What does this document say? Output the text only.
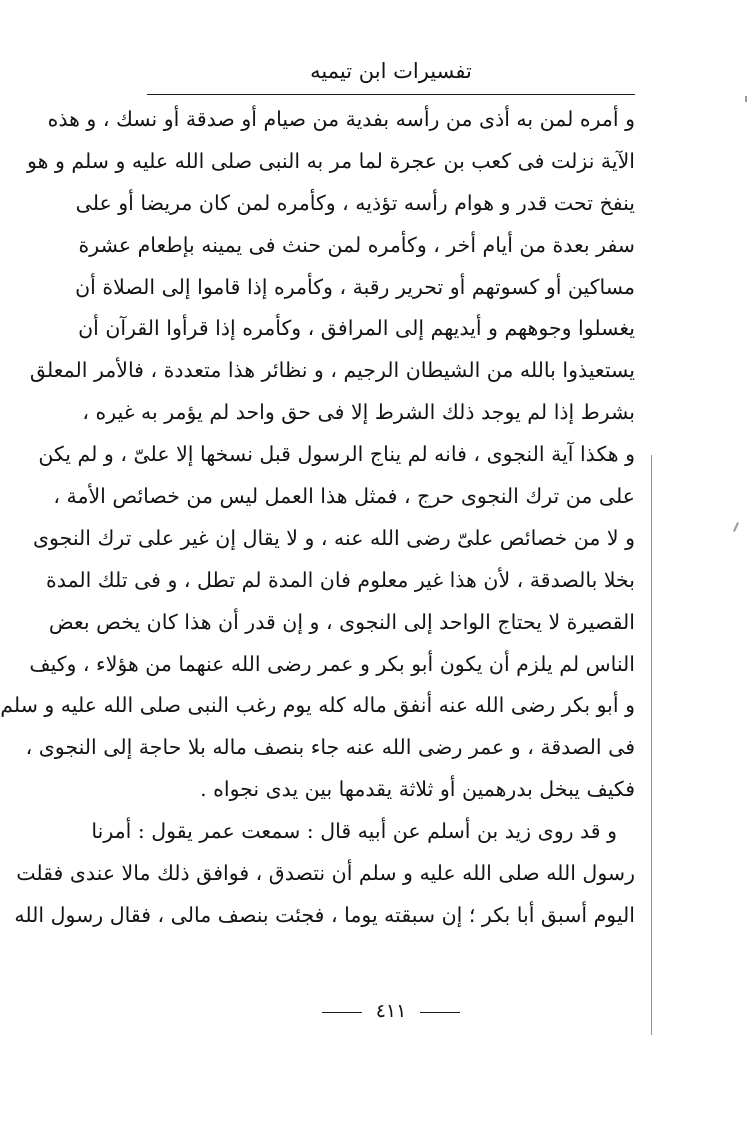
تفسيرات ابن تيميه
و أمره لمن به أذى من رأسه بفدية من صيام أو صدقة أو نسك ، و هذه
الآية نزلت فى كعب بن عجرة لما مر به النبى صلى الله عليه و سلم و هو
ينفخ تحت قدر و هوام رأسه تؤذيه ، وكأمره لمن كان مريضا أو على
سفر بعدة من أيام أخر ، وكأمره لمن حنث فى يمينه بإطعام عشرة
مساكين أو كسوتهم أو تحرير رقبة ، وكأمره إذا قاموا إلى الصلاة أن
يغسلوا وجوههم و أيديهم إلى المرافق ، وكأمره إذا قرأوا القرآن أن
يستعيذوا بالله من الشيطان الرجيم ، و نظائر هذا متعددة ، فالأمر المعلق
بشرط إذا لم يوجد ذلك الشرط إلا فى حق واحد لم يؤمر به غيره ،
و هكذا آية النجوى ، فانه لم يناج الرسول قبل نسخها إلا علىّ ، و لم يكن
على من ترك النجوى حرج ، فمثل هذا العمل ليس من خصائص الأمة ،
و لا من خصائص علىّ رضى الله عنه ، و لا يقال إن غير على ترك النجوى
بخلا بالصدقة ، لأن هذا غير معلوم فان المدة لم تطل ، و فى تلك المدة
القصيرة لا يحتاج الواحد إلى النجوى ، و إن قدر أن هذا كان يخص بعض
الناس لم يلزم أن يكون أبو بكر و عمر رضى الله عنهما من هؤلاء ، وكيف
و أبو بكر رضى الله عنه أنفق ماله كله يوم رغب النبى صلى الله عليه و سلم
فى الصدقة ، و عمر رضى الله عنه جاء بنصف ماله بلا حاجة إلى النجوى ،
فكيف يبخل بدرهمين أو ثلاثة يقدمها بين يدى نجواه .
و قد روى زيد بن أسلم عن أبيه قال : سمعت عمر يقول : أمرنا
رسول الله صلى الله عليه و سلم أن نتصدق ، فوافق ذلك مالا عندى فقلت
اليوم أسبق أبا بكر ؛ إن سبقته يوما ، فجئت بنصف مالى ، فقال رسول الله
٤١١
